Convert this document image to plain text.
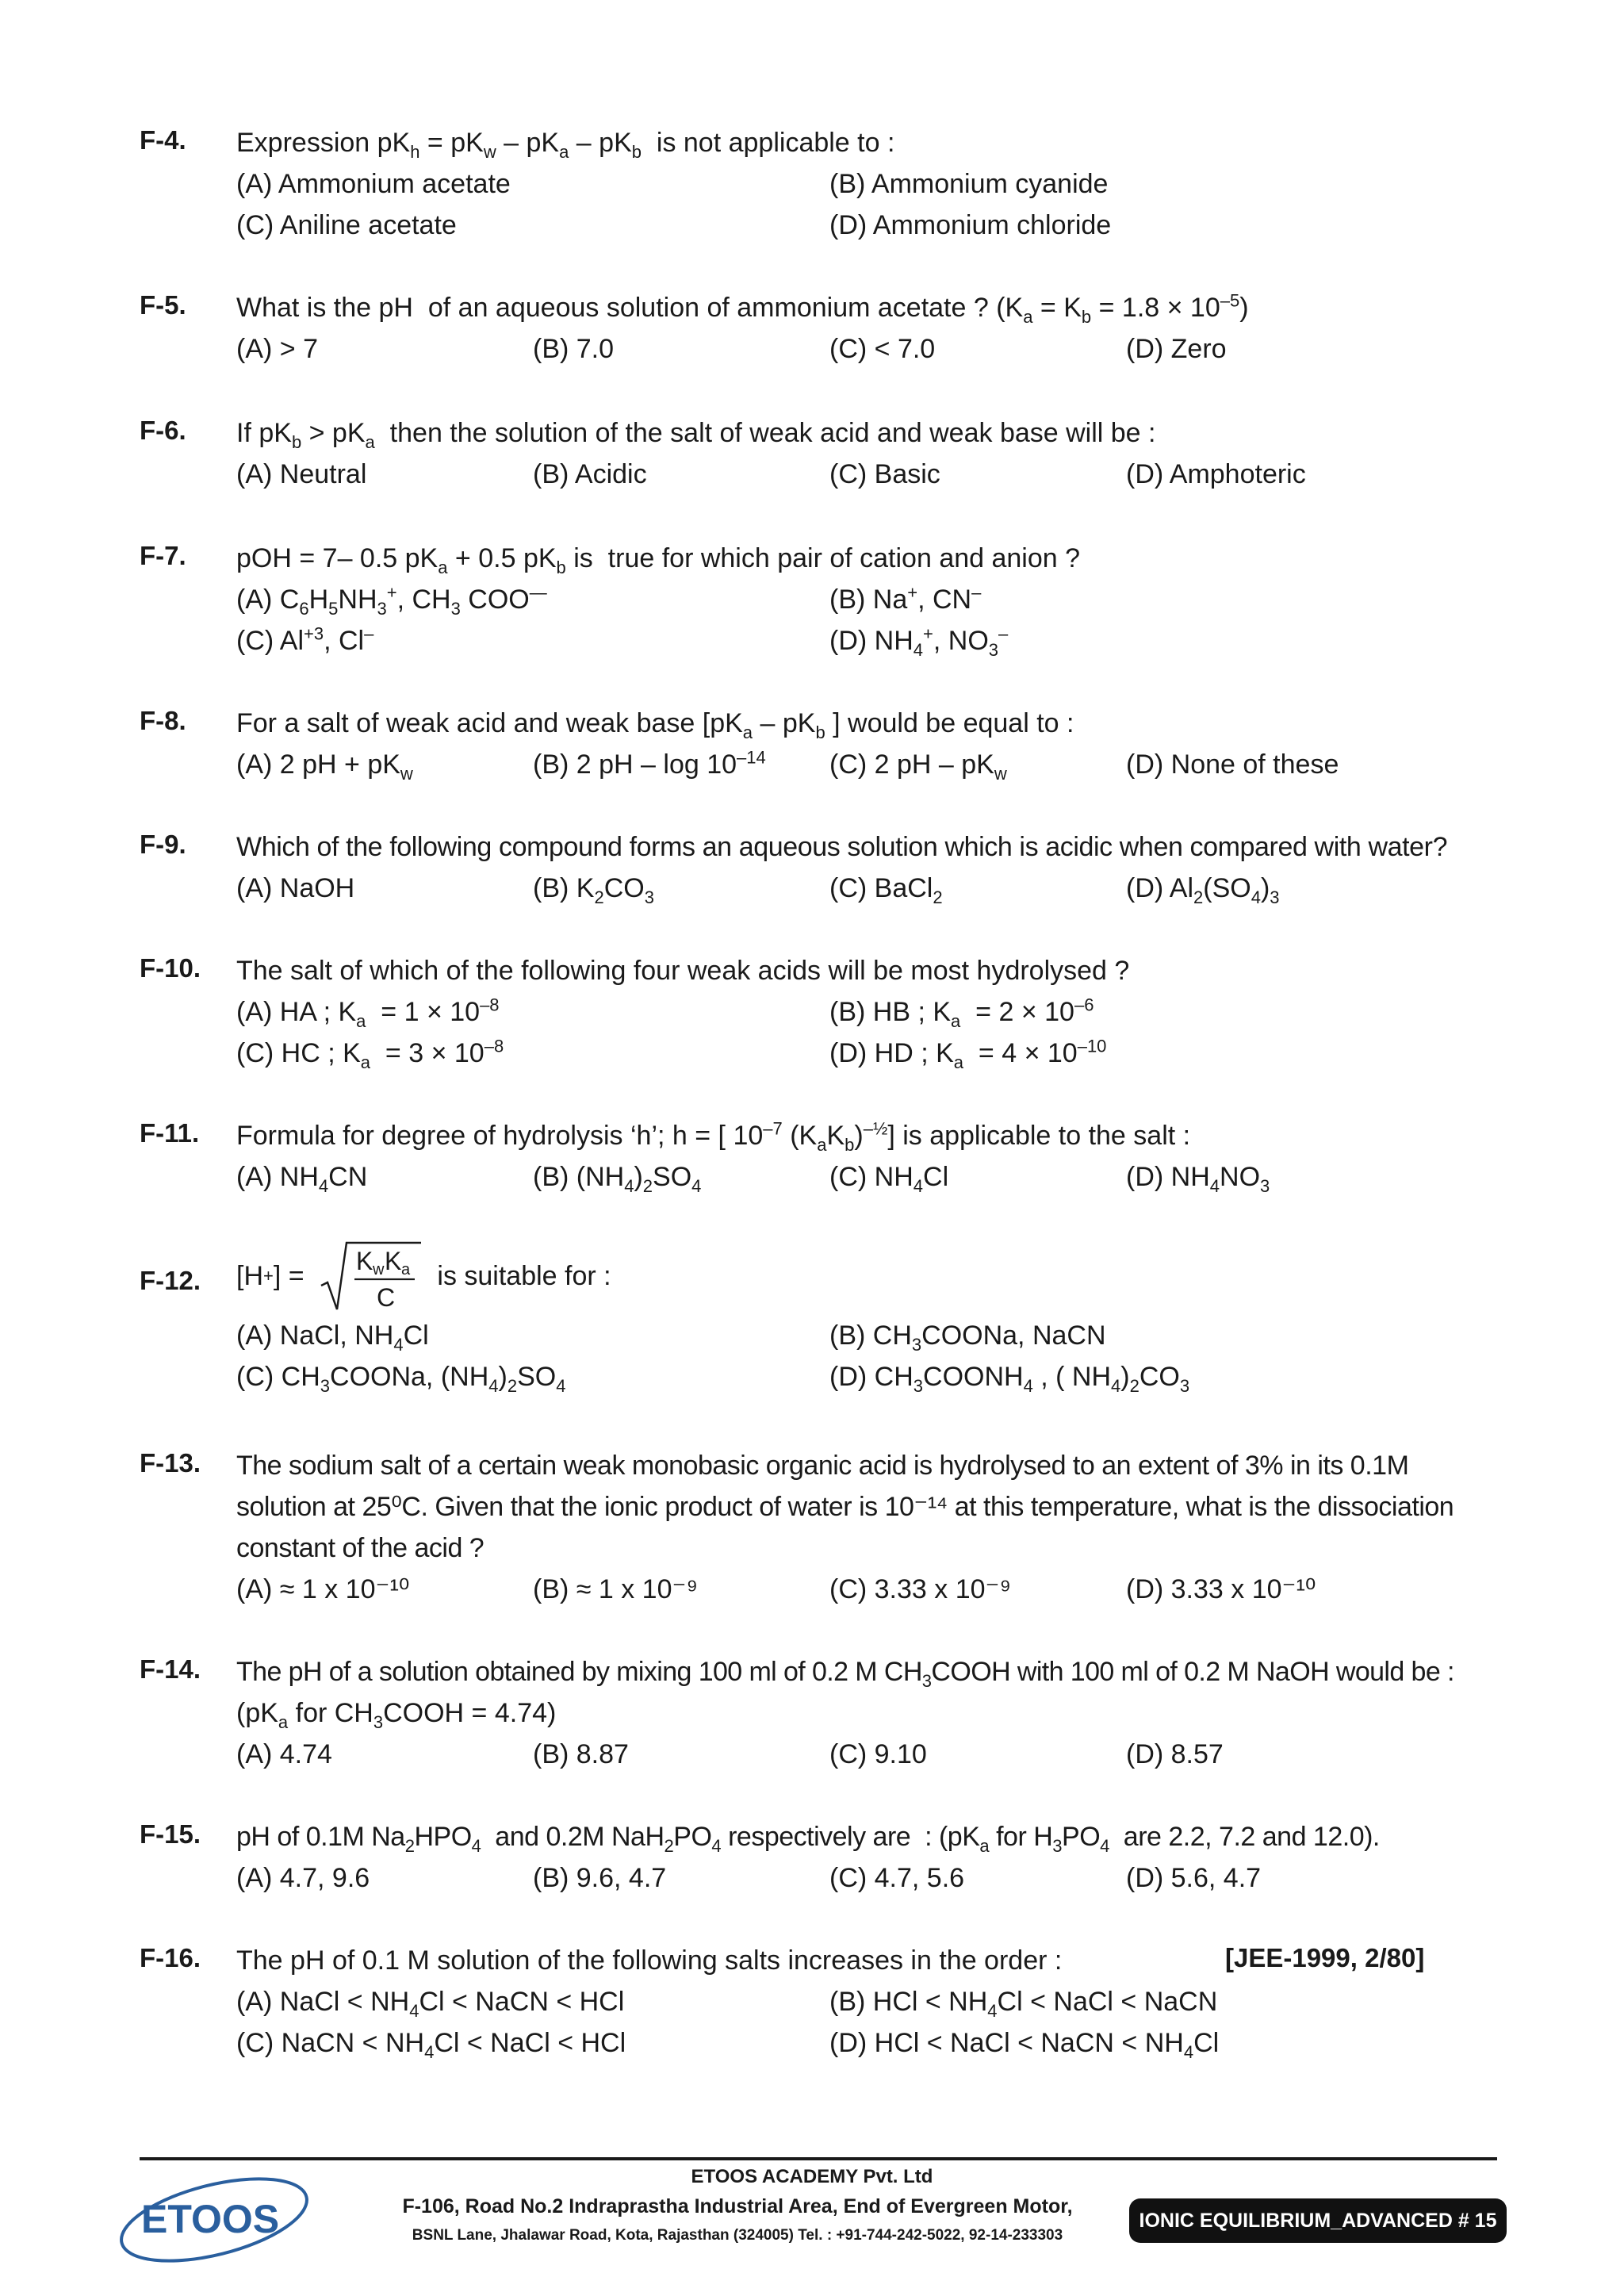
F-4. Expression $pK_h = pK_w - pK_a - pK_b$  is not applicable to :
(A) Ammonium acetate	(B) Ammonium cyanide
(C) Aniline acetate	(D) Ammonium chloride
F-5. What is the pH  of an aqueous solution of ammonium acetate ? $(K_a = K_b = 1.8 \times 10^{-5})$
(A) > 7	(B) 7.0	(C) < 7.0	(D) Zero
F-6. If $pK_b > pK_a$  then the solution of the salt of weak acid and weak base will be :
(A) Neutral	(B) Acidic	(C) Basic	(D) Amphoteric
F-7. pOH = 7– 0.5 $pK_a + 0.5$ $pK_b$ is  true for which pair of cation and anion ?
(A) $C_6H_5NH_3^+$, $CH_3$ COO—	(B) Na+, CN–
(C) $Al^{+3}$, Cl–	(D) $NH_4^+$, $NO_3^-$
F-8. For a salt of weak acid and weak base [$pK_a - pK_b$ ] would be equal to :
(A) 2 pH + $pK_w$	(B) 2 pH – $\log 10^{-14}$ (C) 2 pH – $pK_w$	(D) None of these
F-9. Which of the following compound forms an aqueous solution which is acidic when compared with water?
(A) NaOH	(B) $K_2CO_3$	(C) BaCl$_2$	(D) $Al_2(SO_4)_3$
F-10. The salt of which of the following four weak acids will be most hydrolysed ?
(A) HA ; $K_a = 1 \times 10^{-8}$	(B) HB ; $K_a = 2 \times 10^{-6}$
(C) HC ; $K_a = 3 \times 10^{-8}$	(D) HD ; $K_a = 4 \times 10^{-10}$
F-11. Formula for degree of hydrolysis ‘h’; h = [ $10^{-7}$ $(K_aK_b)^{-\frac{1}{2}}$] is applicable to the salt :
(A) $NH_4CN$	(B) $(NH_4)_2SO_4$	(C) $NH_4Cl$	(D) $NH_4NO_3$
F-12. [H + ] = K w K a
C
is suitable for :
(A) NaCl, $NH_4Cl$	(B) $CH_3COONa$, NaCN
(C) $CH_3COONa$, $(NH_4)_2SO_4$	(D) $CH_3COONH_4$ , ( $NH_4)_2CO_3$
F-13. The sodium salt of a certain weak monobasic organic acid is hydrolysed to an extent of 3% in its 0.1M solution at 25⁰C. Given that the ionic product of water is 10⁻¹⁴ at this temperature, what is the dissociation constant of the acid ?
(A) ≈ 1 x 10⁻¹⁰	(B) ≈ 1 x 10⁻⁹	(C) 3.33 x 10⁻⁹	(D) 3.33 x 10⁻¹⁰
F-14. The pH of a solution obtained by mixing 100 ml of 0.2 M $CH_3COOH$ with 100 ml of 0.2 M NaOH would be :
($pK_a$ for $CH_3COOH = 4.74$)
(A) 4.74	(B) 8.87	(C) 9.10	(D) 8.57
F-15. pH of 0.1M $Na_2HPO_4$  and 0.2M $NaH_2PO_4$ respectively are  : ($pK_a$ for $H_3PO_4$  are 2.2, 7.2 and 12.0).
(A) 4.7, 9.6	(B) 9.6, 4.7	(C) 4.7, 5.6	(D) 5.6, 4.7
F-16. The pH of 0.1 M solution of the following salts increases in the order :	[JEE-1999, 2/80]
(A) NaCl < $NH_4Cl$ < NaCN < HCl	(B) HCl < $NH_4Cl$ < NaCl < NaCN
(C) NaCN < $NH_4Cl$ < NaCl < HCl	(D) HCl < NaCl < NaCN < $NH_4Cl$
ETOOS
ETOOS ACADEMY Pvt. Ltd
F-106, Road No.2 Indraprastha Industrial Area, End of Evergreen Motor,
BSNL Lane, Jhalawar Road, Kota, Rajasthan (324005) Tel. : +91-744-242-5022, 92-14-233303
IONIC EQUILIBRIUM_ADVANCED # 15
